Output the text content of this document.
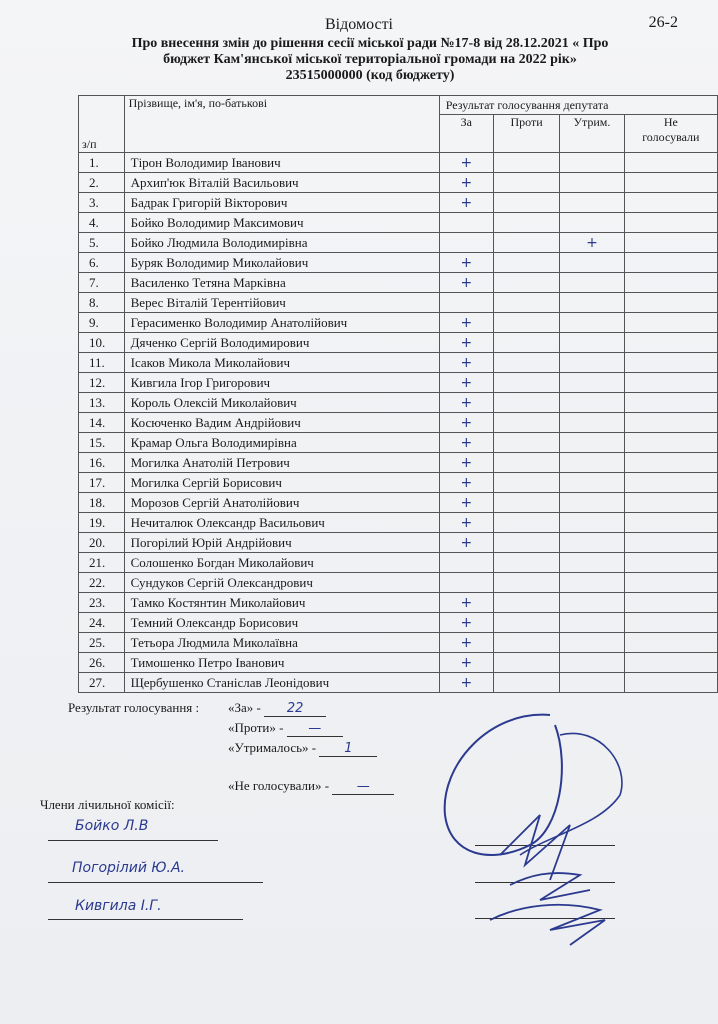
Відомості	26-2
Про внесення змін до рішення сесії міської ради №17-8 від 28.12.2021 « Про
бюджет Кам'янської міської територіальної громади на 2022 рік»
23515000000 (код бюджету)
з/п	Прізвище, ім'я, по-батькові	Результат голосування депутата			
		За	Проти	Утрим.	Не
голосували
1.	Тірон Володимир Іванович	+			
2.	Архип'юк Віталій Васильович	+			
3.	Бадрак Григорій Вікторович	+			
4.	Бойко Володимир Максимович				
5.	Бойко Людмила Володимирівна			+	
6.	Буряк Володимир Миколайович	+			
7.	Василенко Тетяна Марківна	+			
8.	Верес Віталій Терентійович				
9.	Герасименко Володимир Анатолійович	+			
10.	Дяченко Сергій Володимирович	+			
11.	Ісаков Микола Миколайович	+			
12.	Кивгила Ігор Григорович	+			
13.	Король Олексій Миколайович	+			
14.	Косюченко Вадим Андрійович	+			
15.	Крамар Ольга Володимирівна	+			
16.	Могилка Анатолій Петрович	+			
17.	Могилка Сергій Борисович	+			
18.	Морозов Сергій Анатолійович	+			
19.	Нечиталюк Олександр Васильович	+			
20.	Погорілий Юрій Андрійович	+			
21.	Солошенко Богдан Миколайович				
22.	Сундуков Сергій Олександрович				
23.	Тамко Костянтин Миколайович	+			
24.	Темний Олександр Борисович	+			
25.	Тетьора Людмила Миколаївна	+			
26.	Тимошенко Петро Іванович	+			
27.	Щербушенко Станіслав Леонідович	+			
Результат голосування : «За» - 22
«Проти» - —
«Утрималось» - 1
«Не голосували» - —
Члени лічильної комісії:
Бойко Л.В
Погорілий Ю.А.
Кивгила І.Г.
